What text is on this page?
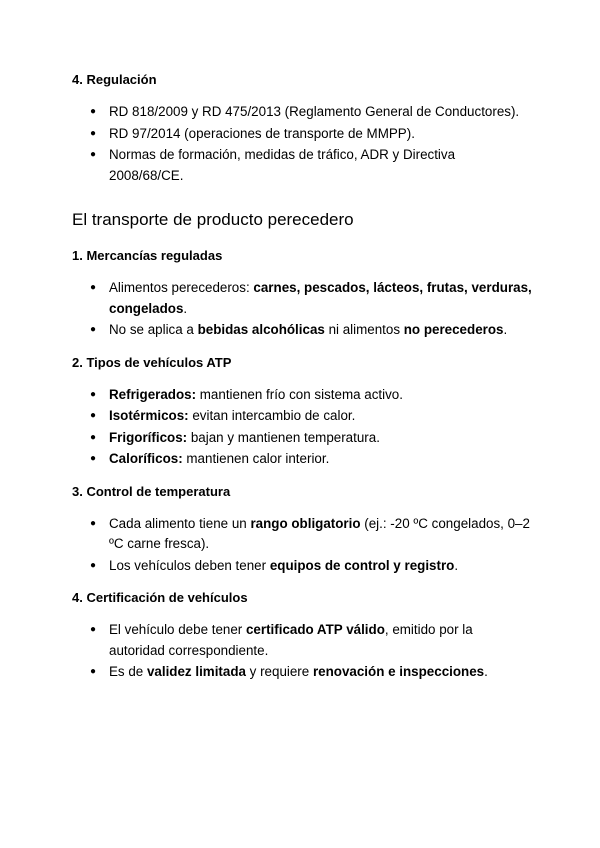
4. Regulación
● RD 818/2009 y RD 475/2013 (Reglamento General de Conductores).
● RD 97/2014 (operaciones de transporte de MMPP).
● Normas de formación, medidas de tráfico, ADR y Directiva 2008/68/CE.
El transporte de producto perecedero
1. Mercancías reguladas
● Alimentos perecederos: carnes, pescados, lácteos, frutas, verduras, congelados.
● No se aplica a bebidas alcohólicas ni alimentos no perecederos.
2. Tipos de vehículos ATP
● Refrigerados: mantienen frío con sistema activo.
● Isotérmicos: evitan intercambio de calor.
● Frigoríficos: bajan y mantienen temperatura.
● Caloríficos: mantienen calor interior.
3. Control de temperatura
● Cada alimento tiene un rango obligatorio (ej.: -20 ºC congelados, 0–2 ºC carne fresca).
● Los vehículos deben tener equipos de control y registro.
4. Certificación de vehículos
● El vehículo debe tener certificado ATP válido, emitido por la autoridad correspondiente.
● Es de validez limitada y requiere renovación e inspecciones.
